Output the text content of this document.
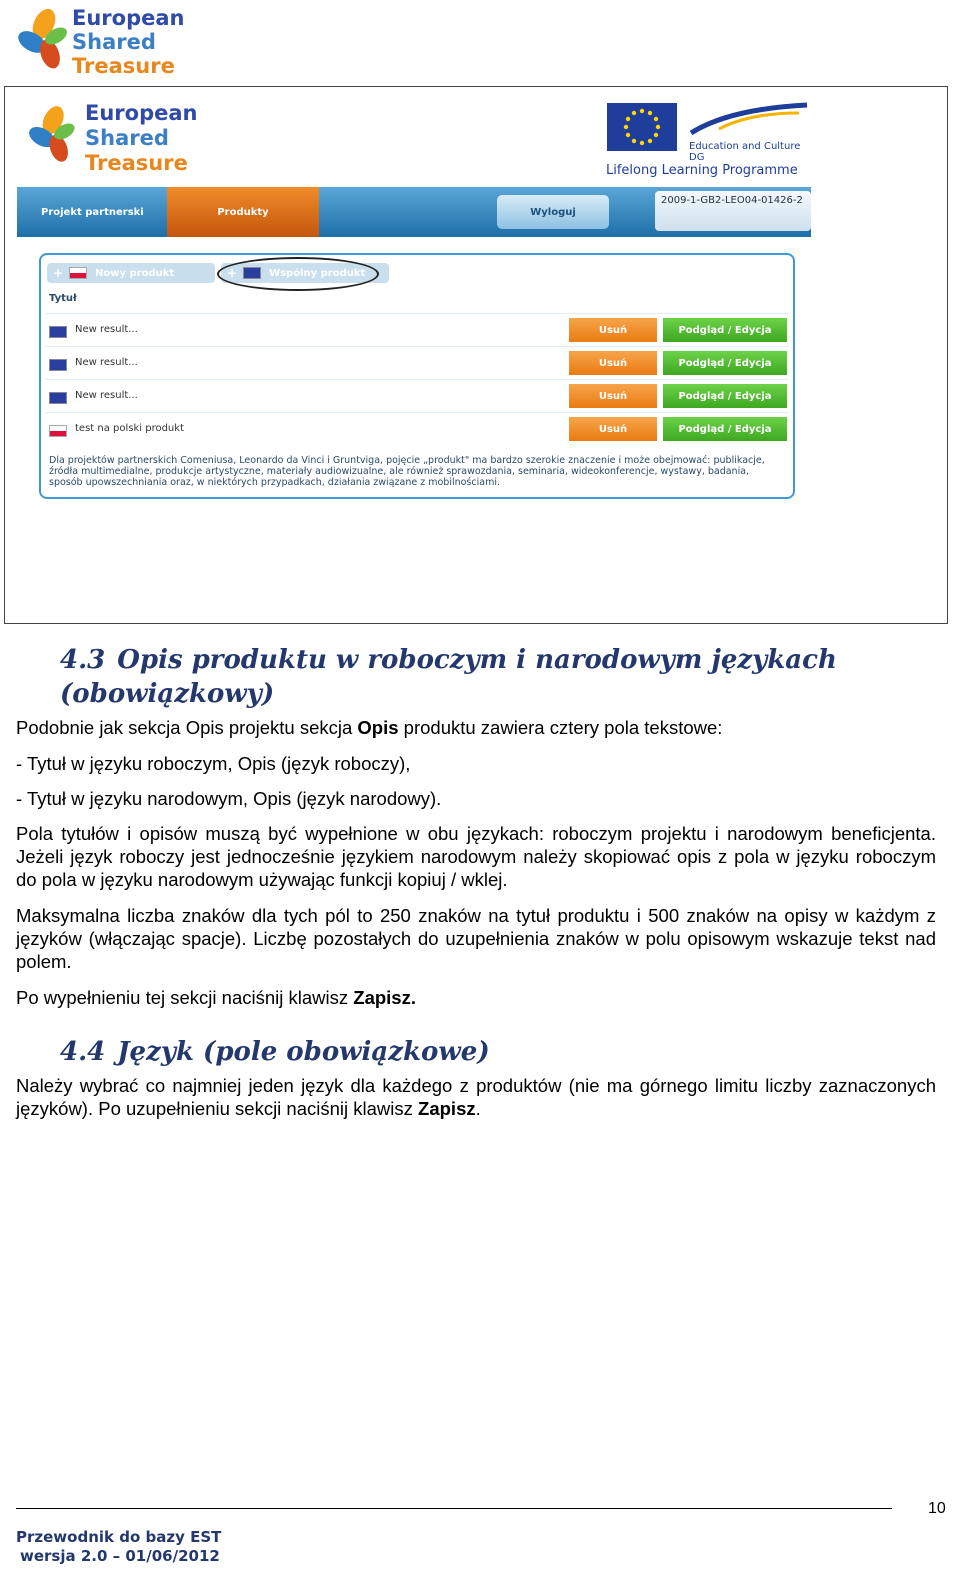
European
Shared
Treasure
European
Shared
Treasure
Education and Culture DG
Lifelong Learning Programme
Projekt partnerski	Produkty	Wyloguj
2009-1-GB2-LEO04-01426-2
+	Nowy produkt	+	Wspólny produkt
Tytuł
New result...	Usuń	Podgląd / Edycja
New result...	Usuń	Podgląd / Edycja
New result...	Usuń	Podgląd / Edycja
test na polski produkt	Usuń	Podgląd / Edycja
Dla projektów partnerskich Comeniusa, Leonardo da Vinci i Gruntviga, pojęcie „produkt" ma bardzo szerokie znaczenie i może obejmować: publikacje, źródła multimedialne, produkcje artystyczne, materiały audiowizualne, ale również sprawozdania, seminaria, wideokonferencje, wystawy, badania, sposób upowszechniania oraz, w niektórych przypadkach, działania związane z mobilnościami.
4.3 Opis produktu w roboczym i narodowym językach
(obowiązkowy)
Podobnie jak sekcja Opis projektu sekcja Opis produktu zawiera cztery pola tekstowe:
- Tytuł w języku roboczym, Opis (język roboczy),
- Tytuł w języku narodowym, Opis (język narodowy).
Pola tytułów i opisów muszą być wypełnione w obu językach: roboczym projektu i narodowym beneficjenta. Jeżeli język roboczy jest jednocześnie językiem narodowym należy skopiować opis z pola w języku roboczym do pola w języku narodowym używając funkcji kopiuj / wklej.
Maksymalna liczba znaków dla tych pól to 250 znaków na tytuł produktu i 500 znaków na opisy w każdym z języków (włączając spacje). Liczbę pozostałych do uzupełnienia znaków w polu opisowym wskazuje tekst nad polem.
Po wypełnieniu tej sekcji naciśnij klawisz Zapisz.
4.4 Język (pole obowiązkowe)
Należy wybrać co najmniej jeden język dla każdego z produktów (nie ma górnego limitu liczby zaznaczonych języków). Po uzupełnieniu sekcji naciśnij klawisz Zapisz.
10
Przewodnik do bazy EST
wersja 2.0 – 01/06/2012
